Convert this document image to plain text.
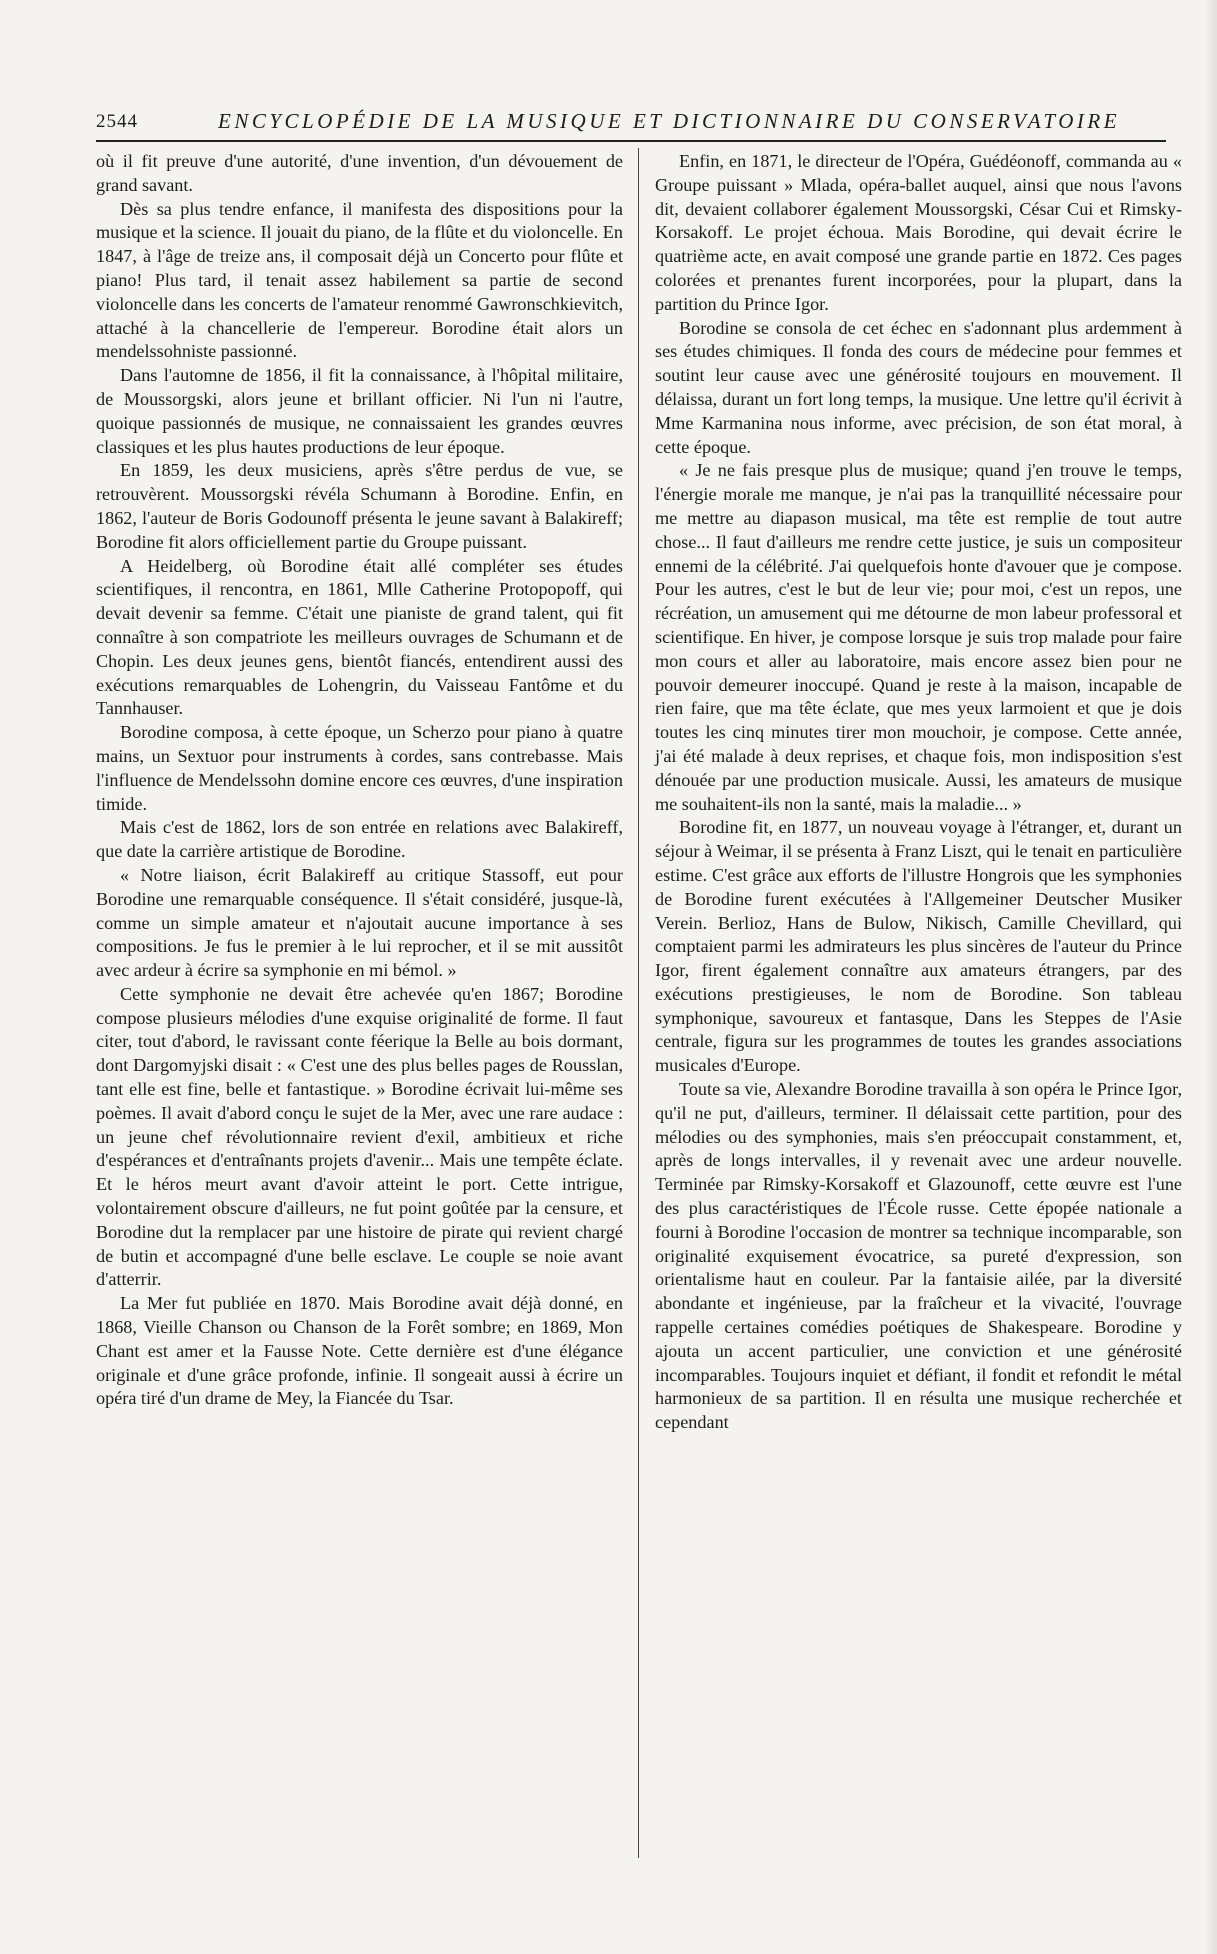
2544	ENCYCLOPÉDIE DE LA MUSIQUE ET DICTIONNAIRE DU CONSERVATOIRE

où il fit preuve d'une autorité, d'une invention, d'un dévouement de grand savant.

Dès sa plus tendre enfance, il manifesta des dispositions pour la musique et la science. Il jouait du piano, de la flûte et du violoncelle. En 1847, à l'âge de treize ans, il composait déjà un Concerto pour flûte et piano! Plus tard, il tenait assez habilement sa partie de second violoncelle dans les concerts de l'amateur renommé Gawronschkievitch, attaché à la chancellerie de l'empereur. Borodine était alors un mendelssohniste passionné.

Dans l'automne de 1856, il fit la connaissance, à l'hôpital militaire, de Moussorgski, alors jeune et brillant officier. Ni l'un ni l'autre, quoique passionnés de musique, ne connaissaient les grandes œuvres classiques et les plus hautes productions de leur époque.

En 1859, les deux musiciens, après s'être perdus de vue, se retrouvèrent. Moussorgski révéla Schumann à Borodine. Enfin, en 1862, l'auteur de Boris Godounoff présenta le jeune savant à Balakireff; Borodine fit alors officiellement partie du Groupe puissant.

A Heidelberg, où Borodine était allé compléter ses études scientifiques, il rencontra, en 1861, Mlle Catherine Protopopoff, qui devait devenir sa femme. C'était une pianiste de grand talent, qui fit connaître à son compatriote les meilleurs ouvrages de Schumann et de Chopin. Les deux jeunes gens, bientôt fiancés, entendirent aussi des exécutions remarquables de Lohengrin, du Vaisseau Fantôme et du Tannhauser.

Borodine composa, à cette époque, un Scherzo pour piano à quatre mains, un Sextuor pour instruments à cordes, sans contrebasse. Mais l'influence de Mendelssohn domine encore ces œuvres, d'une inspiration timide.

Mais c'est de 1862, lors de son entrée en relations avec Balakireff, que date la carrière artistique de Borodine.

« Notre liaison, écrit Balakireff au critique Stassoff, eut pour Borodine une remarquable conséquence. Il s'était considéré, jusque-là, comme un simple amateur et n'ajoutait aucune importance à ses compositions. Je fus le premier à le lui reprocher, et il se mit aussitôt avec ardeur à écrire sa symphonie en mi bémol. »

Cette symphonie ne devait être achevée qu'en 1867; Borodine compose plusieurs mélodies d'une exquise originalité de forme. Il faut citer, tout d'abord, le ravissant conte féerique la Belle au bois dormant, dont Dargomyjski disait : « C'est une des plus belles pages de Rousslan, tant elle est fine, belle et fantastique. » Borodine écrivait lui-même ses poèmes. Il avait d'abord conçu le sujet de la Mer, avec une rare audace : un jeune chef révolutionnaire revient d'exil, ambitieux et riche d'espérances et d'entraînants projets d'avenir... Mais une tempête éclate. Et le héros meurt avant d'avoir atteint le port. Cette intrigue, volontairement obscure d'ailleurs, ne fut point goûtée par la censure, et Borodine dut la remplacer par une histoire de pirate qui revient chargé de butin et accompagné d'une belle esclave. Le couple se noie avant d'atterrir.

La Mer fut publiée en 1870. Mais Borodine avait déjà donné, en 1868, Vieille Chanson ou Chanson de la Forêt sombre; en 1869, Mon Chant est amer et la Fausse Note. Cette dernière est d'une élégance originale et d'une grâce profonde, infinie. Il songeait aussi à écrire un opéra tiré d'un drame de Mey, la Fiancée du Tsar.

Enfin, en 1871, le directeur de l'Opéra, Guédéonoff, commanda au « Groupe puissant » Mlada, opéra-ballet auquel, ainsi que nous l'avons dit, devaient collaborer également Moussorgski, César Cui et Rimsky-Korsakoff. Le projet échoua. Mais Borodine, qui devait écrire le quatrième acte, en avait composé une grande partie en 1872. Ces pages colorées et prenantes furent incorporées, pour la plupart, dans la partition du Prince Igor.

Borodine se consola de cet échec en s'adonnant plus ardemment à ses études chimiques. Il fonda des cours de médecine pour femmes et soutint leur cause avec une générosité toujours en mouvement. Il délaissa, durant un fort long temps, la musique. Une lettre qu'il écrivit à Mme Karmanina nous informe, avec précision, de son état moral, à cette époque.

« Je ne fais presque plus de musique; quand j'en trouve le temps, l'énergie morale me manque, je n'ai pas la tranquillité nécessaire pour me mettre au diapason musical, ma tête est remplie de tout autre chose... Il faut d'ailleurs me rendre cette justice, je suis un compositeur ennemi de la célébrité. J'ai quelquefois honte d'avouer que je compose. Pour les autres, c'est le but de leur vie; pour moi, c'est un repos, une récréation, un amusement qui me détourne de mon labeur professoral et scientifique. En hiver, je compose lorsque je suis trop malade pour faire mon cours et aller au laboratoire, mais encore assez bien pour ne pouvoir demeurer inoccupé. Quand je reste à la maison, incapable de rien faire, que ma tête éclate, que mes yeux larmoient et que je dois toutes les cinq minutes tirer mon mouchoir, je compose. Cette année, j'ai été malade à deux reprises, et chaque fois, mon indisposition s'est dénouée par une production musicale. Aussi, les amateurs de musique me souhaitent-ils non la santé, mais la maladie... »

Borodine fit, en 1877, un nouveau voyage à l'étranger, et, durant un séjour à Weimar, il se présenta à Franz Liszt, qui le tenait en particulière estime. C'est grâce aux efforts de l'illustre Hongrois que les symphonies de Borodine furent exécutées à l'Allgemeiner Deutscher Musiker Verein. Berlioz, Hans de Bulow, Nikisch, Camille Chevillard, qui comptaient parmi les admirateurs les plus sincères de l'auteur du Prince Igor, firent également connaître aux amateurs étrangers, par des exécutions prestigieuses, le nom de Borodine. Son tableau symphonique, savoureux et fantasque, Dans les Steppes de l'Asie centrale, figura sur les programmes de toutes les grandes associations musicales d'Europe.

Toute sa vie, Alexandre Borodine travailla à son opéra le Prince Igor, qu'il ne put, d'ailleurs, terminer. Il délaissait cette partition, pour des mélodies ou des symphonies, mais s'en préoccupait constamment, et, après de longs intervalles, il y revenait avec une ardeur nouvelle. Terminée par Rimsky-Korsakoff et Glazounoff, cette œuvre est l'une des plus caractéristiques de l'École russe. Cette épopée nationale a fourni à Borodine l'occasion de montrer sa technique incomparable, son originalité exquisement évocatrice, sa pureté d'expression, son orientalisme haut en couleur. Par la fantaisie ailée, par la diversité abondante et ingénieuse, par la fraîcheur et la vivacité, l'ouvrage rappelle certaines comédies poétiques de Shakespeare. Borodine y ajouta un accent particulier, une conviction et une générosité incomparables. Toujours inquiet et défiant, il fondit et refondit le métal harmonieux de sa partition. Il en résulta une musique recherchée et cependant
